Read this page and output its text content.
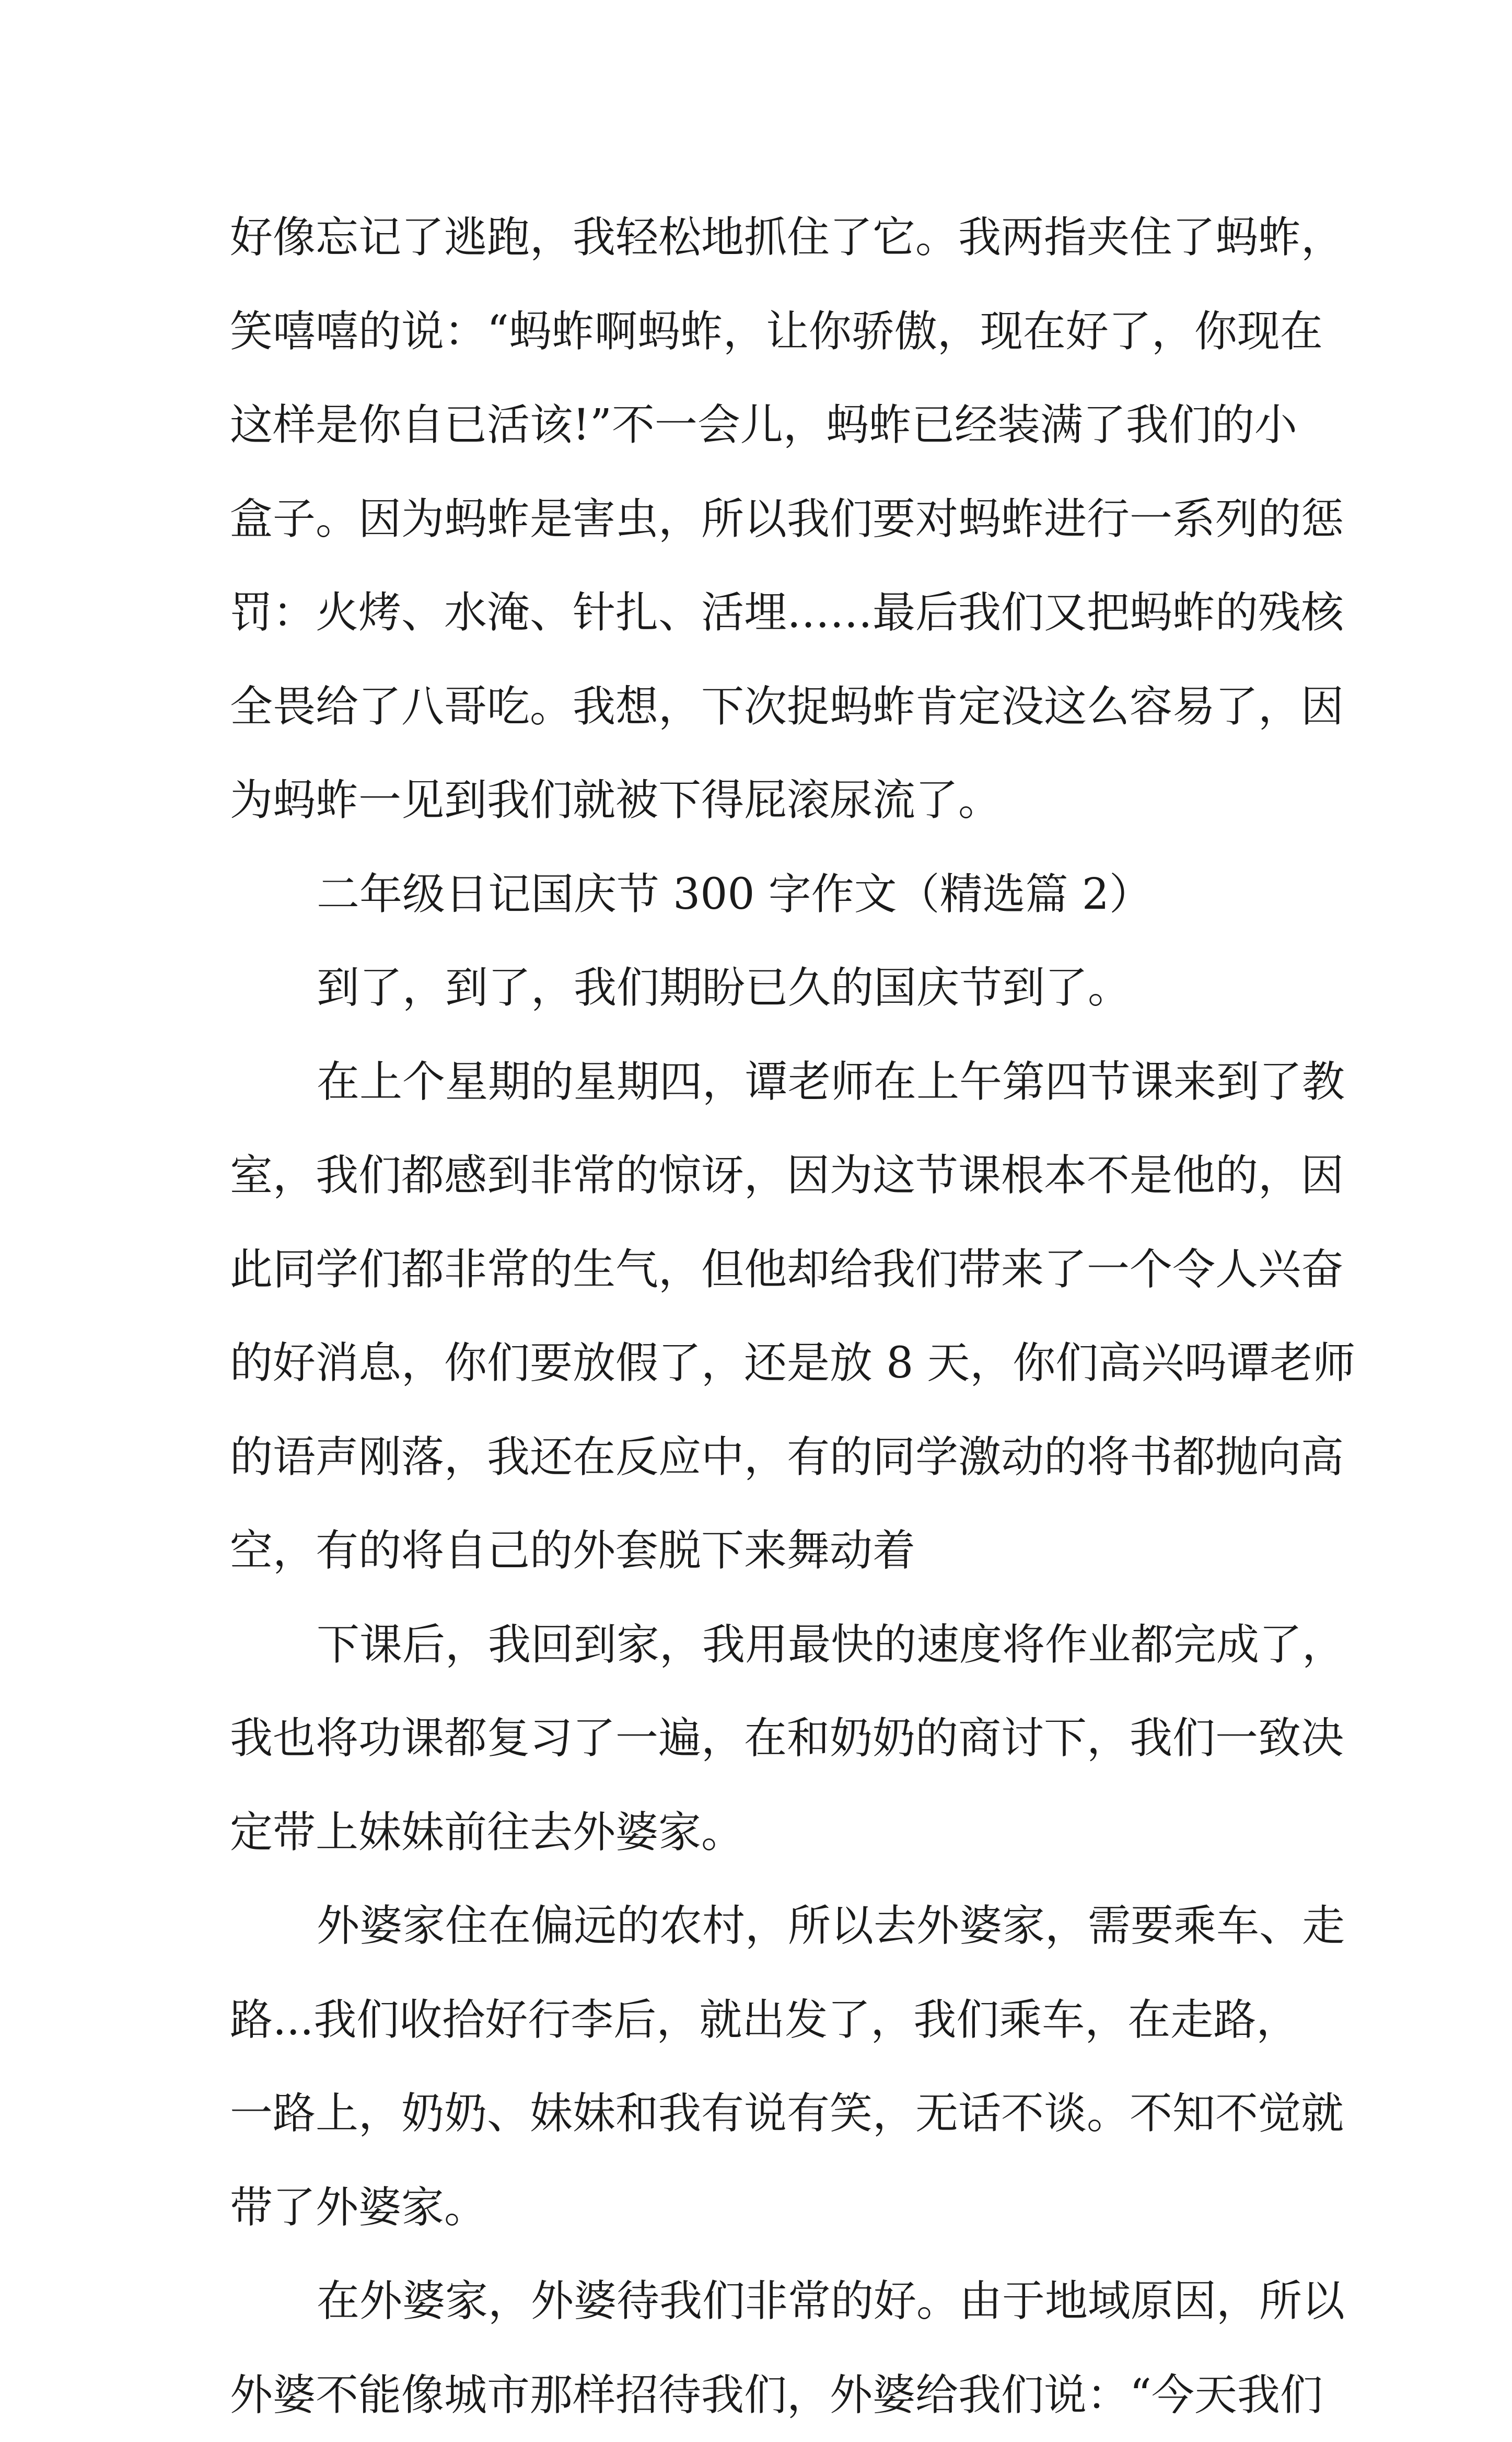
好像忘记了逃跑，我轻松地抓住了它。我两指夹住了蚂蚱，
笑嘻嘻的说：“蚂蚱啊蚂蚱，让你骄傲，现在好了，你现在
这样是你自已活该!”不一会儿，蚂蚱已经装满了我们的小
盒子。因为蚂蚱是害虫，所以我们要对蚂蚱进行一系列的惩
罚：火烤、水淹、针扎、活埋……最后我们又把蚂蚱的残核
全畏给了八哥吃。我想，下次捉蚂蚱肯定没这么容易了，因
为蚂蚱一见到我们就被下得屁滚尿流了。
二年级日记国庆节 300 字作文（精选篇 2）
到了，到了，我们期盼已久的国庆节到了。
在上个星期的星期四，谭老师在上午第四节课来到了教
室，我们都感到非常的惊讶，因为这节课根本不是他的，因
此同学们都非常的生气，但他却给我们带来了一个令人兴奋
的好消息，你们要放假了，还是放 8 天，你们高兴吗谭老师
的语声刚落，我还在反应中，有的同学激动的将书都抛向高
空，有的将自己的外套脱下来舞动着
下课后，我回到家，我用最快的速度将作业都完成了，
我也将功课都复习了一遍，在和奶奶的商讨下，我们一致决
定带上妹妹前往去外婆家。
外婆家住在偏远的农村，所以去外婆家，需要乘车、走
路...我们收拾好行李后，就出发了，我们乘车，在走路，
一路上，奶奶、妹妹和我有说有笑，无话不谈。不知不觉就
带了外婆家。
在外婆家，外婆待我们非常的好。由于地域原因，所以
外婆不能像城市那样招待我们，外婆给我们说：“今天我们
